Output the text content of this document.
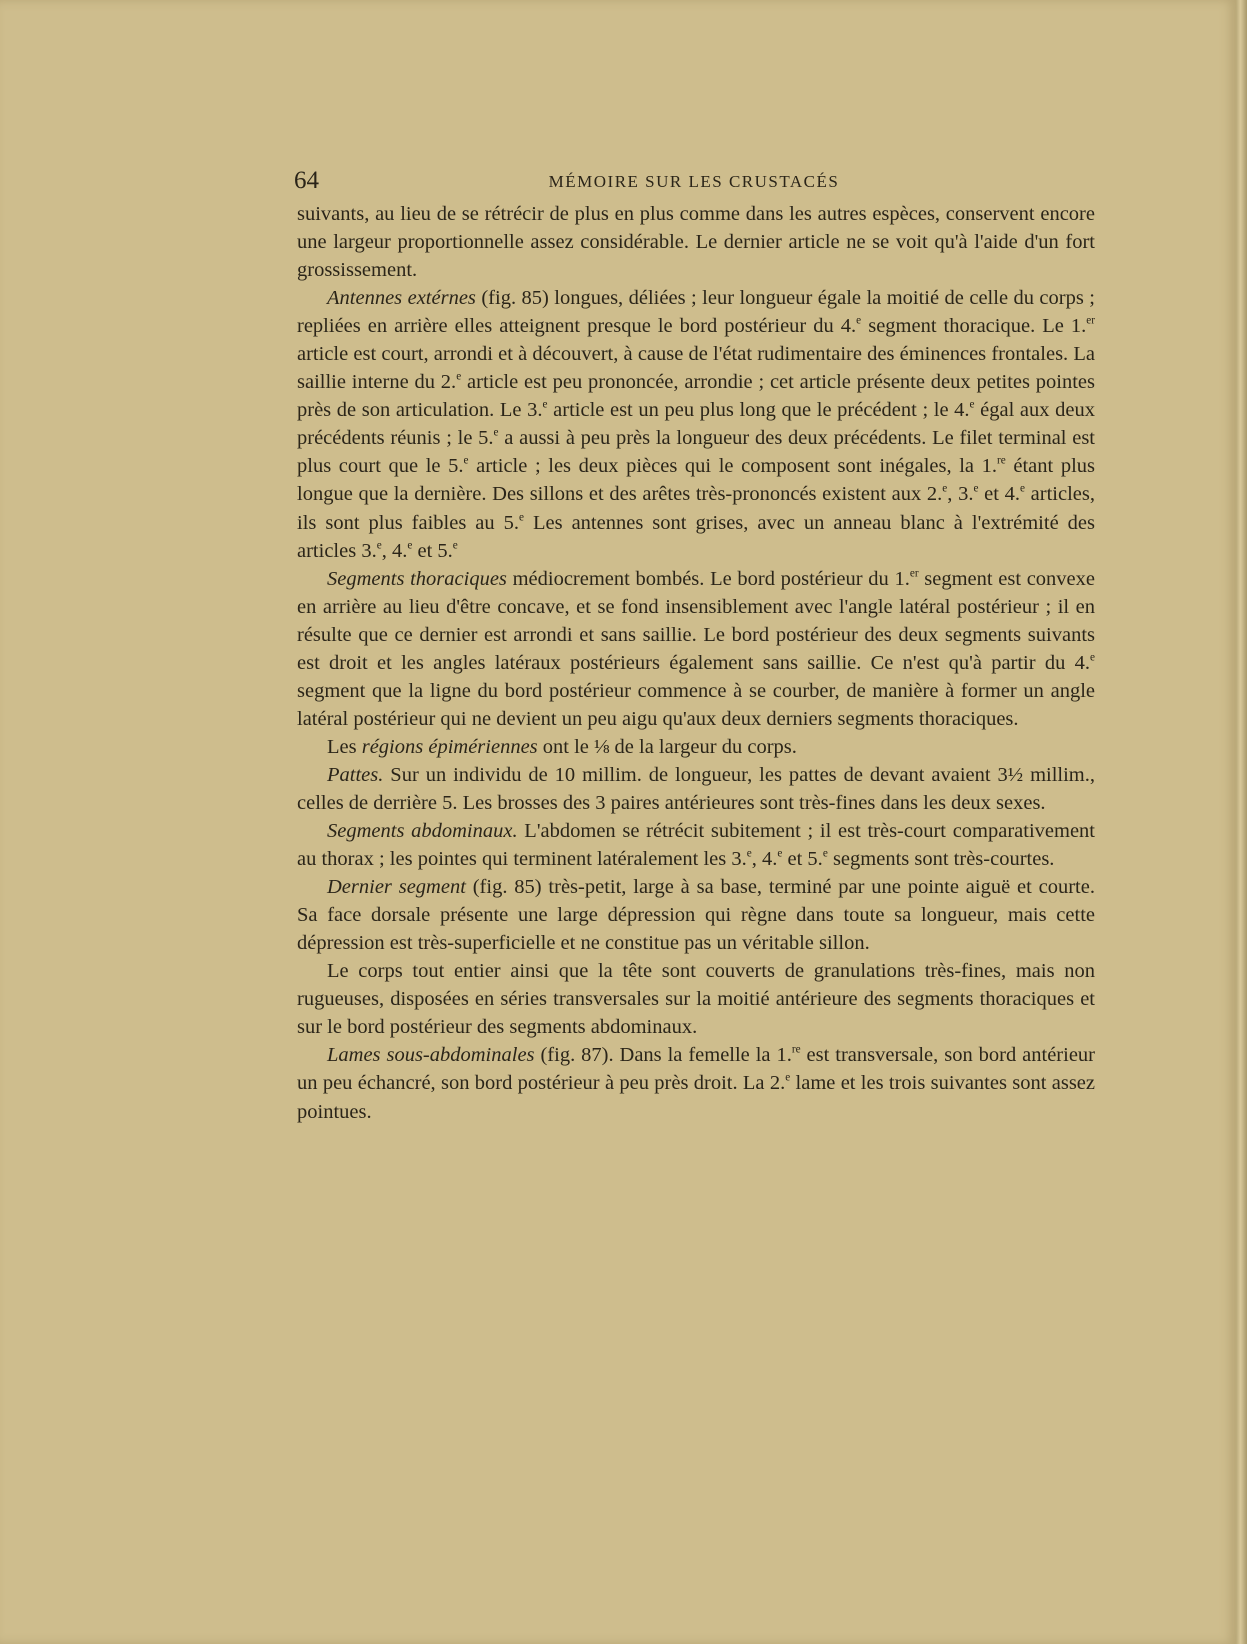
64	MÉMOIRE SUR LES CRUSTACÉS

suivants, au lieu de se rétrécir de plus en plus comme dans les autres espèces, conservent encore une largeur proportionnelle assez considérable. Le dernier article ne se voit qu'à l'aide d'un fort grossissement.

Antennes extérnes (fig. 85) longues, déliées ; leur longueur égale la moitié de celle du corps ; repliées en arrière elles atteignent presque le bord postérieur du 4.$^e$ segment thoracique. Le 1.$^{er}$ article est court, arrondi et à découvert, à cause de l'état rudimentaire des éminences frontales. La saillie interne du 2.$^e$ article est peu prononcée, arrondie ; cet article présente deux petites pointes près de son articulation. Le 3.$^e$ article est un peu plus long que le précédent ; le 4.$^e$ égal aux deux précédents réunis ; le 5.$^e$ a aussi à peu près la longueur des deux précédents. Le filet terminal est plus court que le 5.$^e$ article ; les deux pièces qui le composent sont inégales, la 1.$^{re}$ étant plus longue que la dernière. Des sillons et des arêtes très-prononcés existent aux 2.$^e$, 3.$^e$ et 4.$^e$ articles, ils sont plus faibles au 5.$^e$ Les antennes sont grises, avec un anneau blanc à l'extrémité des articles 3.$^e$, 4.$^e$ et 5.$^e$

Segments thoraciques médiocrement bombés. Le bord postérieur du 1.$^{er}$ segment est convexe en arrière au lieu d'être concave, et se fond insensiblement avec l'angle latéral postérieur ; il en résulte que ce dernier est arrondi et sans saillie. Le bord postérieur des deux segments suivants est droit et les angles latéraux postérieurs également sans saillie. Ce n'est qu'à partir du 4.$^e$ segment que la ligne du bord postérieur commence à se courber, de manière à former un angle latéral postérieur qui ne devient un peu aigu qu'aux deux derniers segments thoraciques.

Les régions épimériennes ont le ⅛ de la largeur du corps.

Pattes. Sur un individu de 10 millim. de longueur, les pattes de devant avaient 3½ millim., celles de derrière 5. Les brosses des 3 paires antérieures sont très-fines dans les deux sexes.

Segments abdominaux. L'abdomen se rétrécit subitement ; il est très-court comparativement au thorax ; les pointes qui terminent latéralement les 3.$^e$, 4.$^e$ et 5.$^e$ segments sont très-courtes.

Dernier segment (fig. 85) très-petit, large à sa base, terminé par une pointe aiguë et courte. Sa face dorsale présente une large dépression qui règne dans toute sa longueur, mais cette dépression est très-superficielle et ne constitue pas un véritable sillon.

Le corps tout entier ainsi que la tête sont couverts de granulations très-fines, mais non rugueuses, disposées en séries transversales sur la moitié antérieure des segments thoraciques et sur le bord postérieur des segments abdominaux.

Lames sous-abdominales (fig. 87). Dans la femelle la 1.$^{re}$ est transversale, son bord antérieur un peu échancré, son bord postérieur à peu près droit. La 2.$^e$ lame et les trois suivantes sont assez pointues.
